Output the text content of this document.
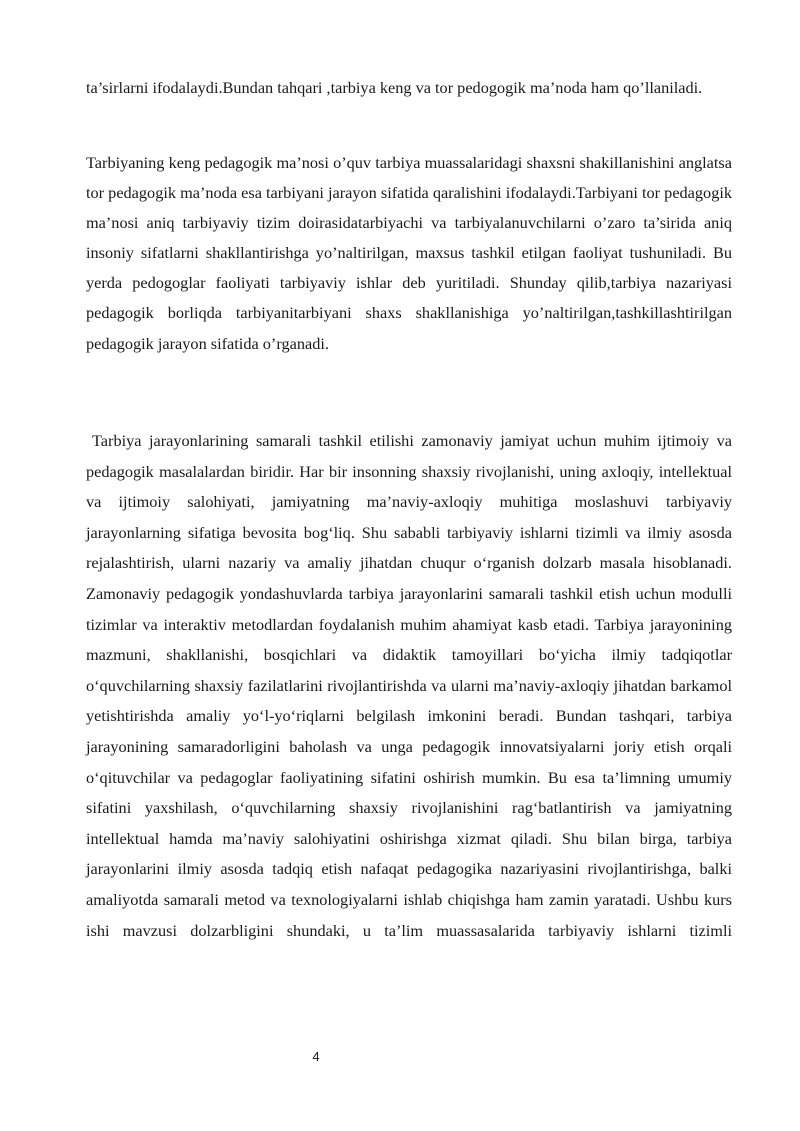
ta’sirlarni ifodalaydi.Bundan tahqari ,tarbiya keng va tor pedogogik ma’noda ham qo’llaniladi.

Tarbiyaning keng pedagogik ma’nosi o’quv tarbiya muassalaridagi shaxsni shakillanishini anglatsa tor pedagogik ma’noda esa tarbiyani jarayon sifatida qaralishini ifodalaydi.Tarbiyani tor pedagogik ma’nosi aniq tarbiyaviy tizim doirasidatarbiyachi va tarbiyalanuvchilarni o’zaro ta’sirida aniq insoniy sifatlarni shakllantirishga yo’naltirilgan, maxsus tashkil etilgan faoliyat tushuniladi. Bu yerda pedogoglar faoliyati tarbiyaviy ishlar deb yuritiladi. Shunday qilib,tarbiya nazariyasi pedagogik borliqda tarbiyanitarbiyani shaxs shakllanishiga yo’naltirilgan,tashkillashtirilgan pedagogik jarayon sifatida o’rganadi.

Tarbiya jarayonlarining samarali tashkil etilishi zamonaviy jamiyat uchun muhim ijtimoiy va pedagogik masalalardan biridir. Har bir insonning shaxsiy rivojlanishi, uning axloqiy, intellektual va ijtimoiy salohiyati, jamiyatning ma’naviy-axloqiy muhitiga moslashuvi tarbiyaviy jarayonlarning sifatiga bevosita bog‘liq. Shu sababli tarbiyaviy ishlarni tizimli va ilmiy asosda rejalashtirish, ularni nazariy va amaliy jihatdan chuqur o‘rganish dolzarb masala hisoblanadi. Zamonaviy pedagogik yondashuvlarda tarbiya jarayonlarini samarali tashkil etish uchun modulli tizimlar va interaktiv metodlardan foydalanish muhim ahamiyat kasb etadi. Tarbiya jarayonining mazmuni, shakllanishi, bosqichlari va didaktik tamoyillari bo‘yicha ilmiy tadqiqotlar o‘quvchilarning shaxsiy fazilatlarini rivojlantirishda va ularni ma’naviy-axloqiy jihatdan barkamol yetishtirishda amaliy yo‘l-yo‘riqlarni belgilash imkonini beradi. Bundan tashqari, tarbiya jarayonining samaradorligini baholash va unga pedagogik innovatsiyalarni joriy etish orqali o‘qituvchilar va pedagoglar faoliyatining sifatini oshirish mumkin. Bu esa ta’limning umumiy sifatini yaxshilash, o‘quvchilarning shaxsiy rivojlanishini rag‘batlantirish va jamiyatning intellektual hamda ma’naviy salohiyatini oshirishga xizmat qiladi. Shu bilan birga, tarbiya jarayonlarini ilmiy asosda tadqiq etish nafaqat pedagogika nazariyasini rivojlantirishga, balki amaliyotda samarali metod va texnologiyalarni ishlab chiqishga ham zamin yaratadi. Ushbu kurs ishi mavzusi dolzarbligini shundaki, u ta’lim muassasalarida tarbiyaviy ishlarni tizimli

4
